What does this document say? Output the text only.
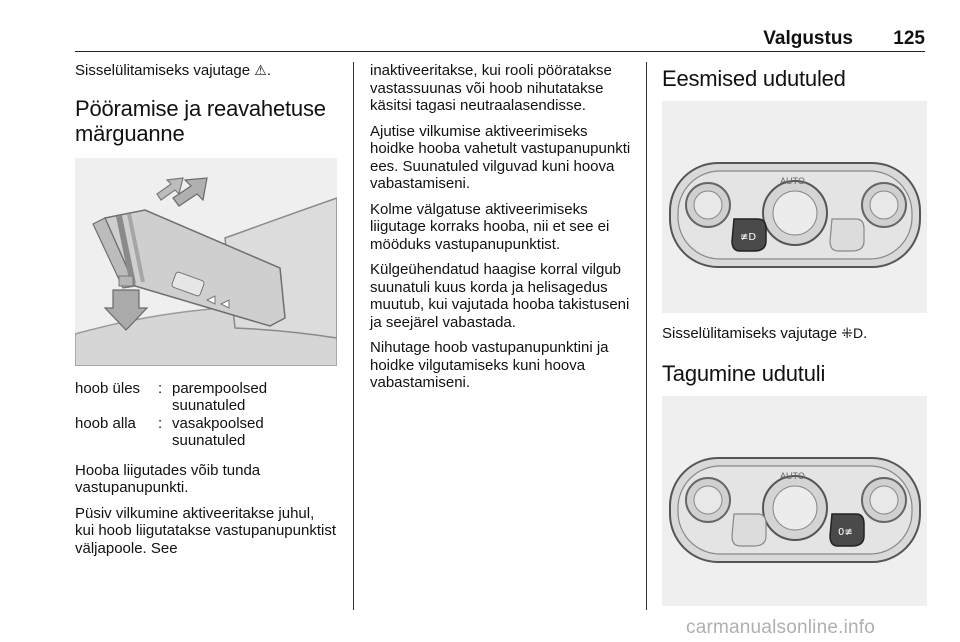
Valgustus 125

Sisselülitamiseks vajutage ⚠.

Pööramise ja reavahetuse märguanne
hoob üles	:	parempoolsed suunatuled
hoob alla	:	vasakpoolsed suunatuled

Hooba liigutades võib tunda vastupanupunkti.

Püsiv vilkumine aktiveeritakse juhul, kui hoob liigutatakse vastupanupunktist väljapoole. See

inaktiveeritakse, kui rooli pööratakse vastassuunas või hoob nihutatakse käsitsi tagasi neutraalasendisse.

Ajutise vilkumise aktiveerimiseks hoidke hooba vahetult vastupanupunkti ees. Suunatuled vilguvad kuni hoova vabastamiseni.

Kolme välgatuse aktiveerimiseks liigutage korraks hooba, nii et see ei mööduks vastupanupunktist.

Külgeühendatud haagise korral vilgub suunatuli kuus korda ja helisagedus muutub, kui vajutada hooba takistuseni ja seejärel vabastada.

Nihutage hoob vastupanupunktini ja hoidke vilgutamiseks kuni hoova vabastamiseni.

Eesmised udutuled
AUTO
≢D

Sisselülitamiseks vajutage ⁜D.

Tagumine udutuli
AUTO
0≢
carmanualsonline.info
